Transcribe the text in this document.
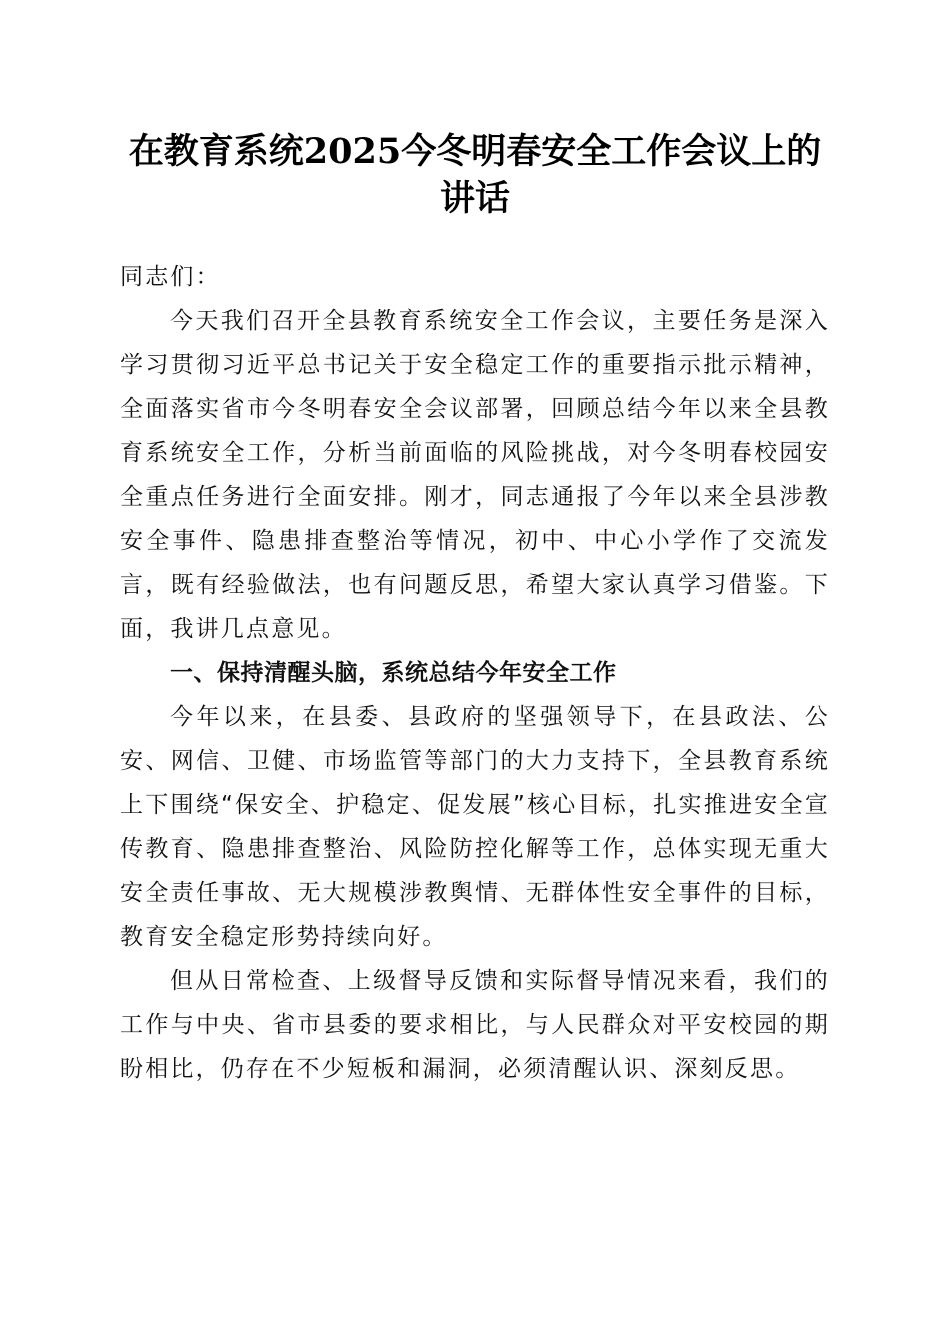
在教育系统2025今冬明春安全工作会议上的
讲话

同志们：

今天我们召开全县教育系统安全工作会议，主要任务是深入学习贯彻习近平总书记关于安全稳定工作的重要指示批示精神，全面落实省市今冬明春安全会议部署，回顾总结今年以来全县教育系统安全工作，分析当前面临的风险挑战，对今冬明春校园安全重点任务进行全面安排。刚才，同志通报了今年以来全县涉教安全事件、隐患排查整治等情况，初中、中心小学作了交流发言，既有经验做法，也有问题反思，希望大家认真学习借鉴。下面，我讲几点意见。

一、保持清醒头脑，系统总结今年安全工作

今年以来，在县委、县政府的坚强领导下，在县政法、公安、网信、卫健、市场监管等部门的大力支持下，全县教育系统上下围绕“保安全、护稳定、促发展”核心目标，扎实推进安全宣传教育、隐患排查整治、风险防控化解等工作，总体实现无重大安全责任事故、无大规模涉教舆情、无群体性安全事件的目标，教育安全稳定形势持续向好。

但从日常检查、上级督导反馈和实际督导情况来看，我们的工作与中央、省市县委的要求相比，与人民群众对平安校园的期盼相比，仍存在不少短板和漏洞，必须清醒认识、深刻反思。
